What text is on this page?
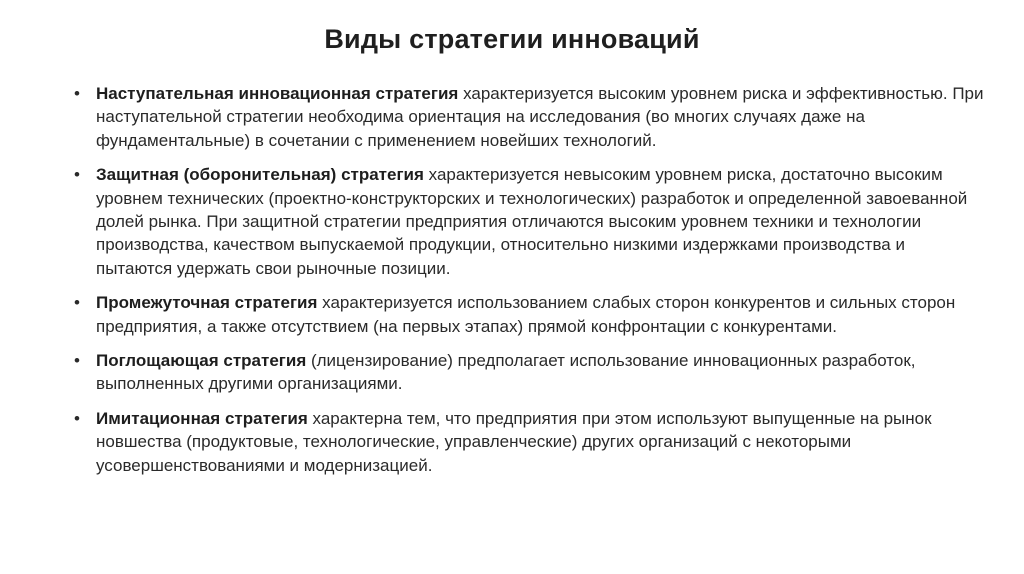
Виды стратегии инноваций
• Наступательная инновационная стратегия характеризуется высоким уровнем риска и эффективностью. При наступательной стратегии необходима ориентация на исследования (во многих случаях даже на фундаментальные) в сочетании с применением новейших технологий.
• Защитная (оборонительная) стратегия характеризуется невысоким уровнем риска, достаточно высоким уровнем технических (проектно-конструкторских и технологических) разработок и определенной завоеванной долей рынка. При защитной стратегии предприятия отличаются высоким уровнем техники и технологии производства, качеством выпускаемой продукции, относительно низкими издержками производства и пытаются удержать свои рыночные позиции.
• Промежуточная стратегия характеризуется использованием слабых сторон конкурентов и сильных сторон предприятия, а также отсутствием (на первых этапах) прямой конфронтации с конкурентами.
• Поглощающая стратегия (лицензирование) предполагает использование инновационных разработок, выполненных другими организациями.
• Имитационная стратегия характерна тем, что предприятия при этом используют выпущенные на рынок новшества (продуктовые, технологические, управленческие) других организаций с некоторыми усовершенствованиями и модернизацией.
